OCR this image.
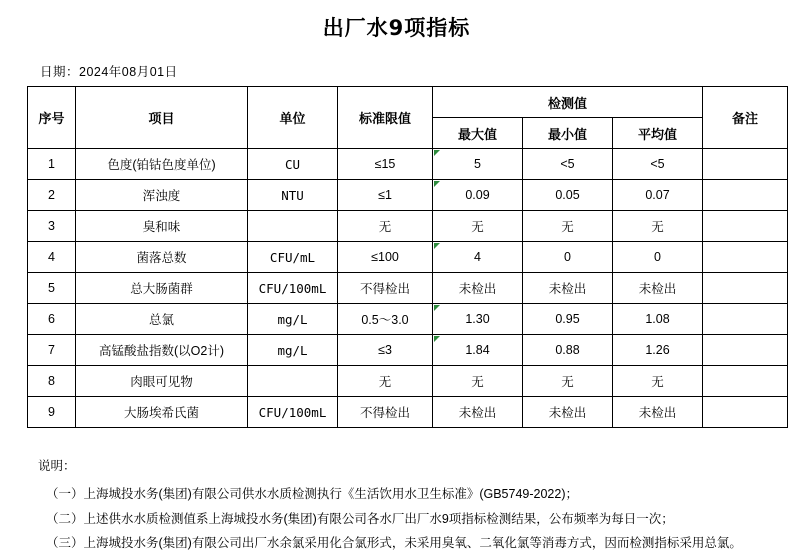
出厂水9项指标
日期：2024年08月01日
序号	项目	单位	标准限值	检测值			备注
				最大值	最小值	平均值	
1	色度(铂钴色度单位)	CU	≤15	5	<5	<5	
2	浑浊度	NTU	≤1	0.09	0.05	0.07	
3	臭和味		无	无	无	无	
4	菌落总数	CFU/mL	≤100	4	0	0	
5	总大肠菌群	CFU/100mL	不得检出	未检出	未检出	未检出	
6	总氯	mg/L	0.5～3.0	1.30	0.95	1.08	
7	高锰酸盐指数(以O2计)	mg/L	≤3	1.84	0.88	1.26	
8	肉眼可见物		无	无	无	无	
9	大肠埃希氏菌	CFU/100mL	不得检出	未检出	未检出	未检出	
说明：
（一）上海城投水务(集团)有限公司供水水质检测执行《生活饮用水卫生标准》(GB5749-2022)；
（二）上述供水水质检测值系上海城投水务(集团)有限公司各水厂出厂水9项指标检测结果，公布频率为每日一次；
（三）上海城投水务(集团)有限公司出厂水余氯采用化合氯形式，未采用臭氧、二氧化氯等消毒方式，因而检测指标采用总氯。
